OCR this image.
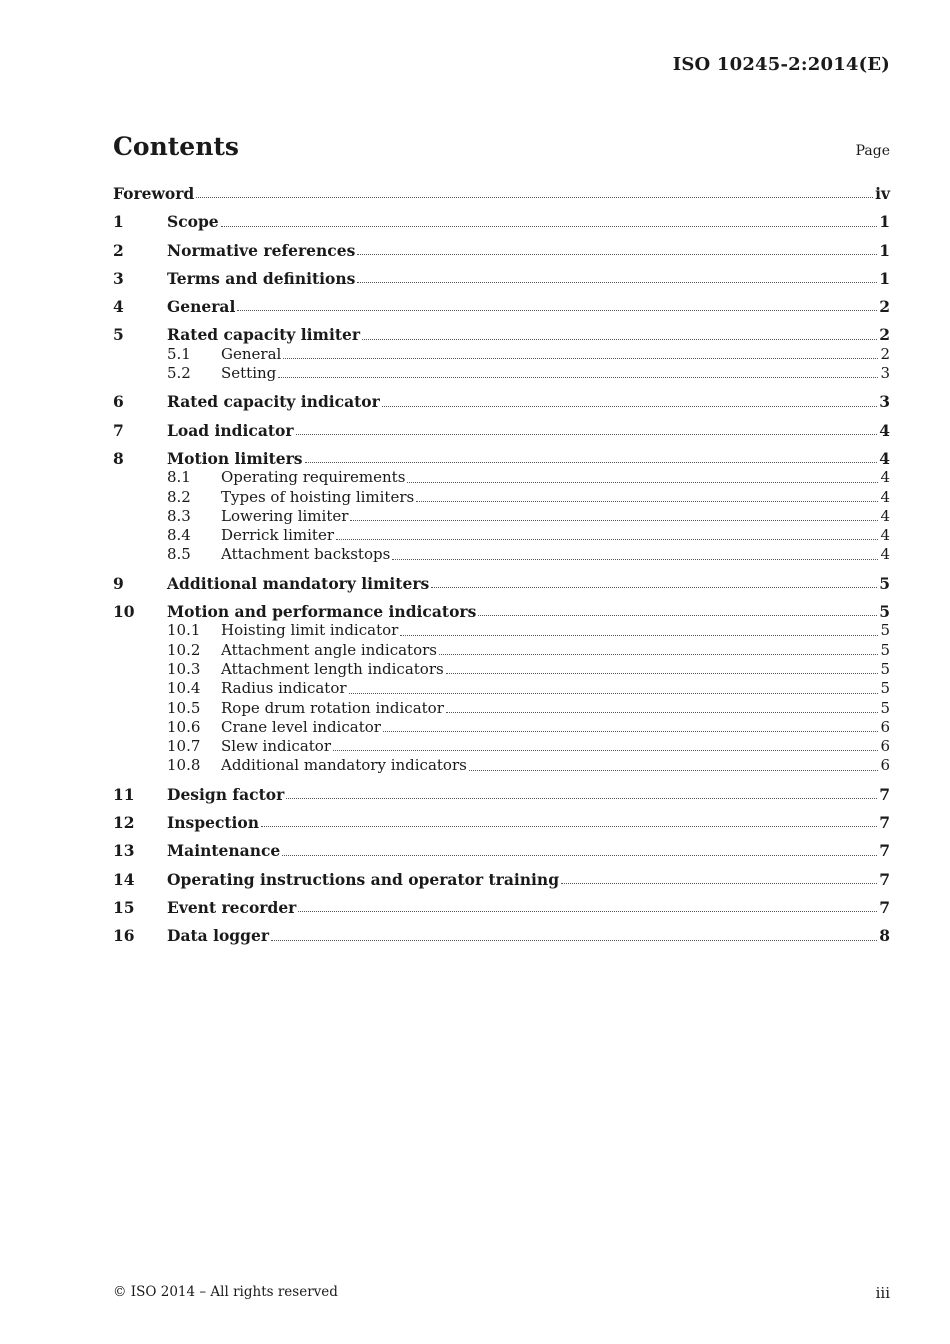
ISO 10245-2:2014(E)
Contents	Page
Foreword	iv
1	Scope	1
2	Normative references	1
3	Terms and definitions	1
4	General	2
5	Rated capacity limiter	2
5.1	General	2
5.2	Setting	3
6	Rated capacity indicator	3
7	Load indicator	4
8	Motion limiters	4
8.1	Operating requirements	4
8.2	Types of hoisting limiters	4
8.3	Lowering limiter	4
8.4	Derrick limiter	4
8.5	Attachment backstops	4
9	Additional mandatory limiters	5
10	Motion and performance indicators	5
10.1	Hoisting limit indicator	5
10.2	Attachment angle indicators	5
10.3	Attachment length indicators	5
10.4	Radius indicator	5
10.5	Rope drum rotation indicator	5
10.6	Crane level indicator	6
10.7	Slew indicator	6
10.8	Additional mandatory indicators	6
11	Design factor	7
12	Inspection	7
13	Maintenance	7
14	Operating instructions and operator training	7
15	Event recorder	7
16	Data logger	8
© ISO 2014 – All rights reserved	iii
